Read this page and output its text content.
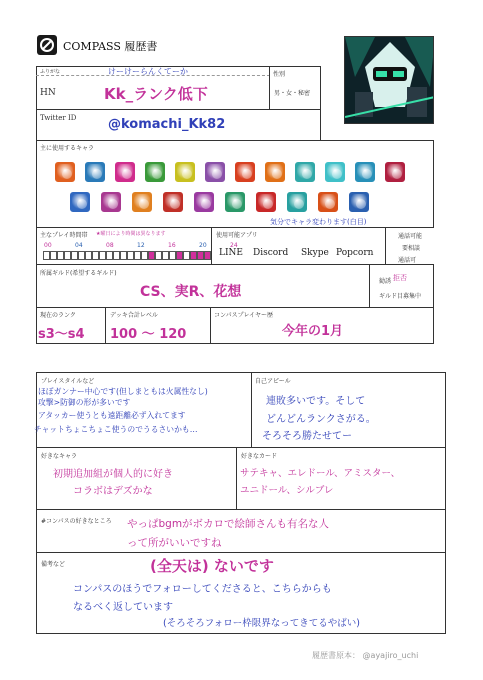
COMPASS 履歴書
ふりがな	けーけーらんくてーか
HN	Kk_ランク低下
性別
男・女・秘密
Twitter ID @komachi_Kk82
主に使用するキャラ
気分でキャラ変わります(白目)
通話可能
要相談
通話可
主なプレイ時間帯 ★曜日により時間は異なります
00	04	08	12	16	20	24
使用可能アプリ
LINE Discord Skype Popcorn
所属ギルド(希望するギルド)
CS、実R、花想
勧誘 拒否
ギルド目募集中
現在のランク
s3〜s4
デッキ合計レベル
100 〜 120
コンパスプレイヤー歴
今年の1月
プレイスタイルなど
ほぼガンナー中心です(但しまともは火属性なし)
攻撃>防御の形が多いです
アタッカー使うとも遠距離必ず入れてます
チャットちょこちょこ使うのでうるさいかも…
自己アピール
連敗多いです。そして
どんどんランクさがる。
そろそろ勝たせてー
好きなキャラ
初期追加組が個人的に好き
コラボはデズかな
好きなカード
サテキャ、エレドール、アミスター、
ユニドール、シルブレ
#コンパスの好きなところ やっぱbgmがボカロで絵師さんも有名な人
って所がいいですね
備考など	(全天は) ないです
コンパスのほうでフォローしてくださると、こちらからも
なるべく返しています
(そろそろフォロー枠限界なってきてるやばい)
履歴書原本： @ayajiro_uchi
